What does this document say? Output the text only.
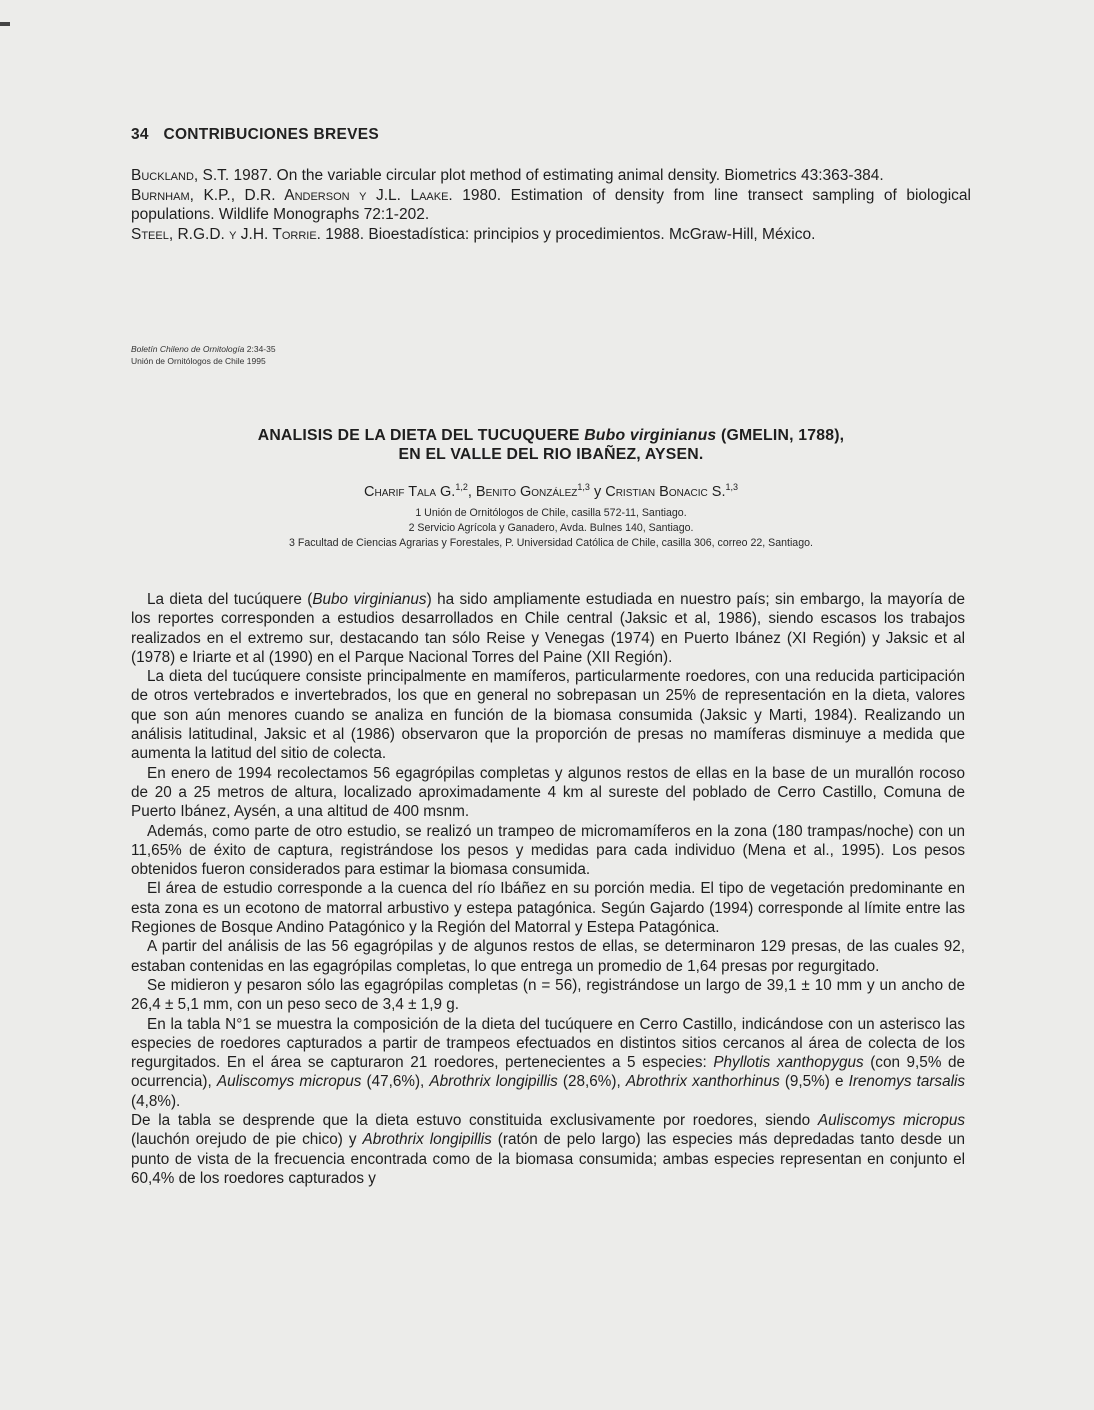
34 CONTRIBUCIONES BREVES

Buckland, S.T. 1987. On the variable circular plot method of estimating animal density. Biometrics 43:363-384.

Burnham, K.P., D.R. Anderson y J.L. Laake. 1980. Estimation of density from line transect sampling of biological populations. Wildlife Monographs 72:1-202.

Steel, R.G.D. y J.H. Torrie. 1988. Bioestadística: principios y procedimientos. McGraw-Hill, México.

Boletín Chileno de Ornitología 2:34-35
Unión de Ornitólogos de Chile 1995
ANALISIS DE LA DIETA DEL TUCUQUERE Bubo virginianus (GMELIN, 1788),
EN EL VALLE DEL RIO IBAÑEZ, AYSEN.
Charif Tala G.$^{1,2}$, Benito González$^{1,3}$ y Cristian Bonacic S.$^{1,3}$

1 Unión de Ornitólogos de Chile, casilla 572-11, Santiago.

2 Servicio Agrícola y Ganadero, Avda. Bulnes 140, Santiago.

3 Facultad de Ciencias Agrarias y Forestales, P. Universidad Católica de Chile, casilla 306, correo 22, Santiago.

La dieta del tucúquere (Bubo virginianus) ha sido ampliamente estudiada en nuestro país; sin embargo, la mayoría de los reportes corresponden a estudios desarrollados en Chile central (Jaksic et al, 1986), siendo escasos los trabajos realizados en el extremo sur, destacando tan sólo Reise y Venegas (1974) en Puerto Ibánez (XI Región) y Jaksic et al (1978) e Iriarte et al (1990) en el Parque Nacional Torres del Paine (XII Región).

La dieta del tucúquere consiste principalmente en mamíferos, particularmente roedores, con una reducida participación de otros vertebrados e invertebrados, los que en general no sobrepasan un 25% de representación en la dieta, valores que son aún menores cuando se analiza en función de la biomasa consumida (Jaksic y Marti, 1984). Realizando un análisis latitudinal, Jaksic et al (1986) observaron que la proporción de presas no mamíferas disminuye a medida que aumenta la latitud del sitio de colecta.

En enero de 1994 recolectamos 56 egagrópilas completas y algunos restos de ellas en la base de un murallón rocoso de 20 a 25 metros de altura, localizado aproximadamente 4 km al sureste del poblado de Cerro Castillo, Comuna de Puerto Ibánez, Aysén, a una altitud de 400 msnm.

Además, como parte de otro estudio, se realizó un trampeo de micromamíferos en la zona (180 trampas/noche) con un 11,65% de éxito de captura, registrándose los pesos y medidas para cada individuo (Mena et al., 1995). Los pesos obtenidos fueron considerados para estimar la biomasa consumida.

El área de estudio corresponde a la cuenca del río Ibáñez en su porción media. El tipo de vegetación predominante en esta zona es un ecotono de matorral arbustivo y estepa patagónica. Según Gajardo (1994) corresponde al límite entre las Regiones de Bosque Andino Patagónico y la Región del Matorral y Estepa Patagónica.

A partir del análisis de las 56 egagrópilas y de algunos restos de ellas, se determinaron 129 presas, de las cuales 92, estaban contenidas en las egagrópilas completas, lo que entrega un promedio de 1,64 presas por regurgitado.

Se midieron y pesaron sólo las egagrópilas completas (n = 56), registrándose un largo de 39,1 ± 10 mm y un ancho de 26,4 ± 5,1 mm, con un peso seco de 3,4 ± 1,9 g.

En la tabla N°1 se muestra la composición de la dieta del tucúquere en Cerro Castillo, indicándose con un asterisco las especies de roedores capturados a partir de trampeos efectuados en distintos sitios cercanos al área de colecta de los regurgitados. En el área se capturaron 21 roedores, pertenecientes a 5 especies: Phyllotis xanthopygus (con 9,5% de ocurrencia), Auliscomys micropus (47,6%), Abrothrix longipillis (28,6%), Abrothrix xanthorhinus (9,5%) e Irenomys tarsalis (4,8%).

De la tabla se desprende que la dieta estuvo constituida exclusivamente por roedores, siendo Auliscomys micropus (lauchón orejudo de pie chico) y Abrothrix longipillis (ratón de pelo largo) las especies más depredadas tanto desde un punto de vista de la frecuencia encontrada como de la biomasa consumida; ambas especies representan en conjunto el 60,4% de los roedores capturados y
